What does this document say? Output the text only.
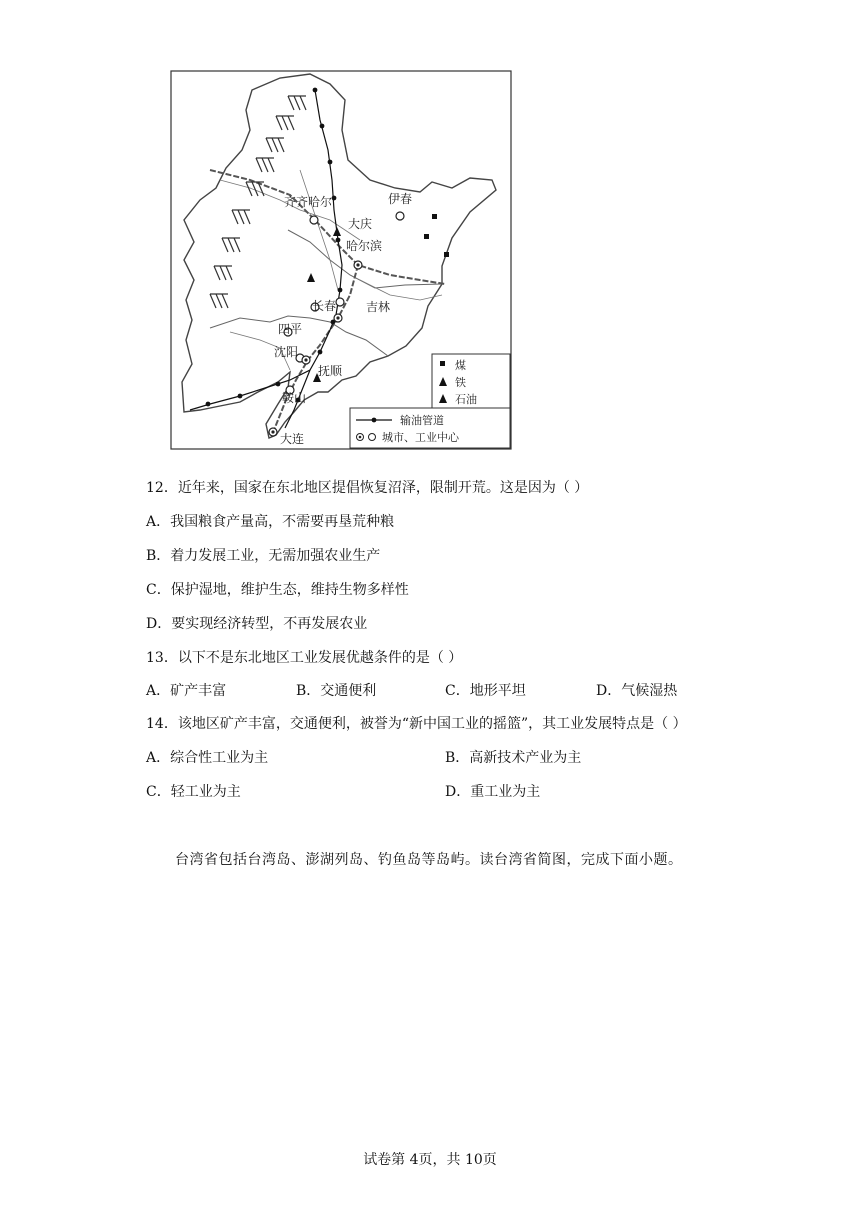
齐齐哈尔
大庆
伊春
哈尔滨
长春 吉林
四平
沈阳
抚顺
鞍山
大连
煤
铁
石油
输油管道
城市、工业中心
12．近年来，国家在东北地区提倡恢复沼泽，限制开荒。这是因为（ ）
A．我国粮食产量高，不需要再垦荒种粮
B．着力发展工业，无需加强农业生产
C．保护湿地，维护生态，维持生物多样性
D．要实现经济转型，不再发展农业
13．以下不是东北地区工业发展优越条件的是（ ）
A．矿产丰富	B．交通便利	C．地形平坦	D．气候湿热
14．该地区矿产丰富，交通便利，被誉为“新中国工业的摇篮”，其工业发展特点是（ ）
A．综合性工业为主	B．高新技术产业为主
C．轻工业为主	D．重工业为主
台湾省包括台湾岛、澎湖列岛、钓鱼岛等岛屿。读台湾省简图，完成下面小题。
试卷第 4页，共 10页
